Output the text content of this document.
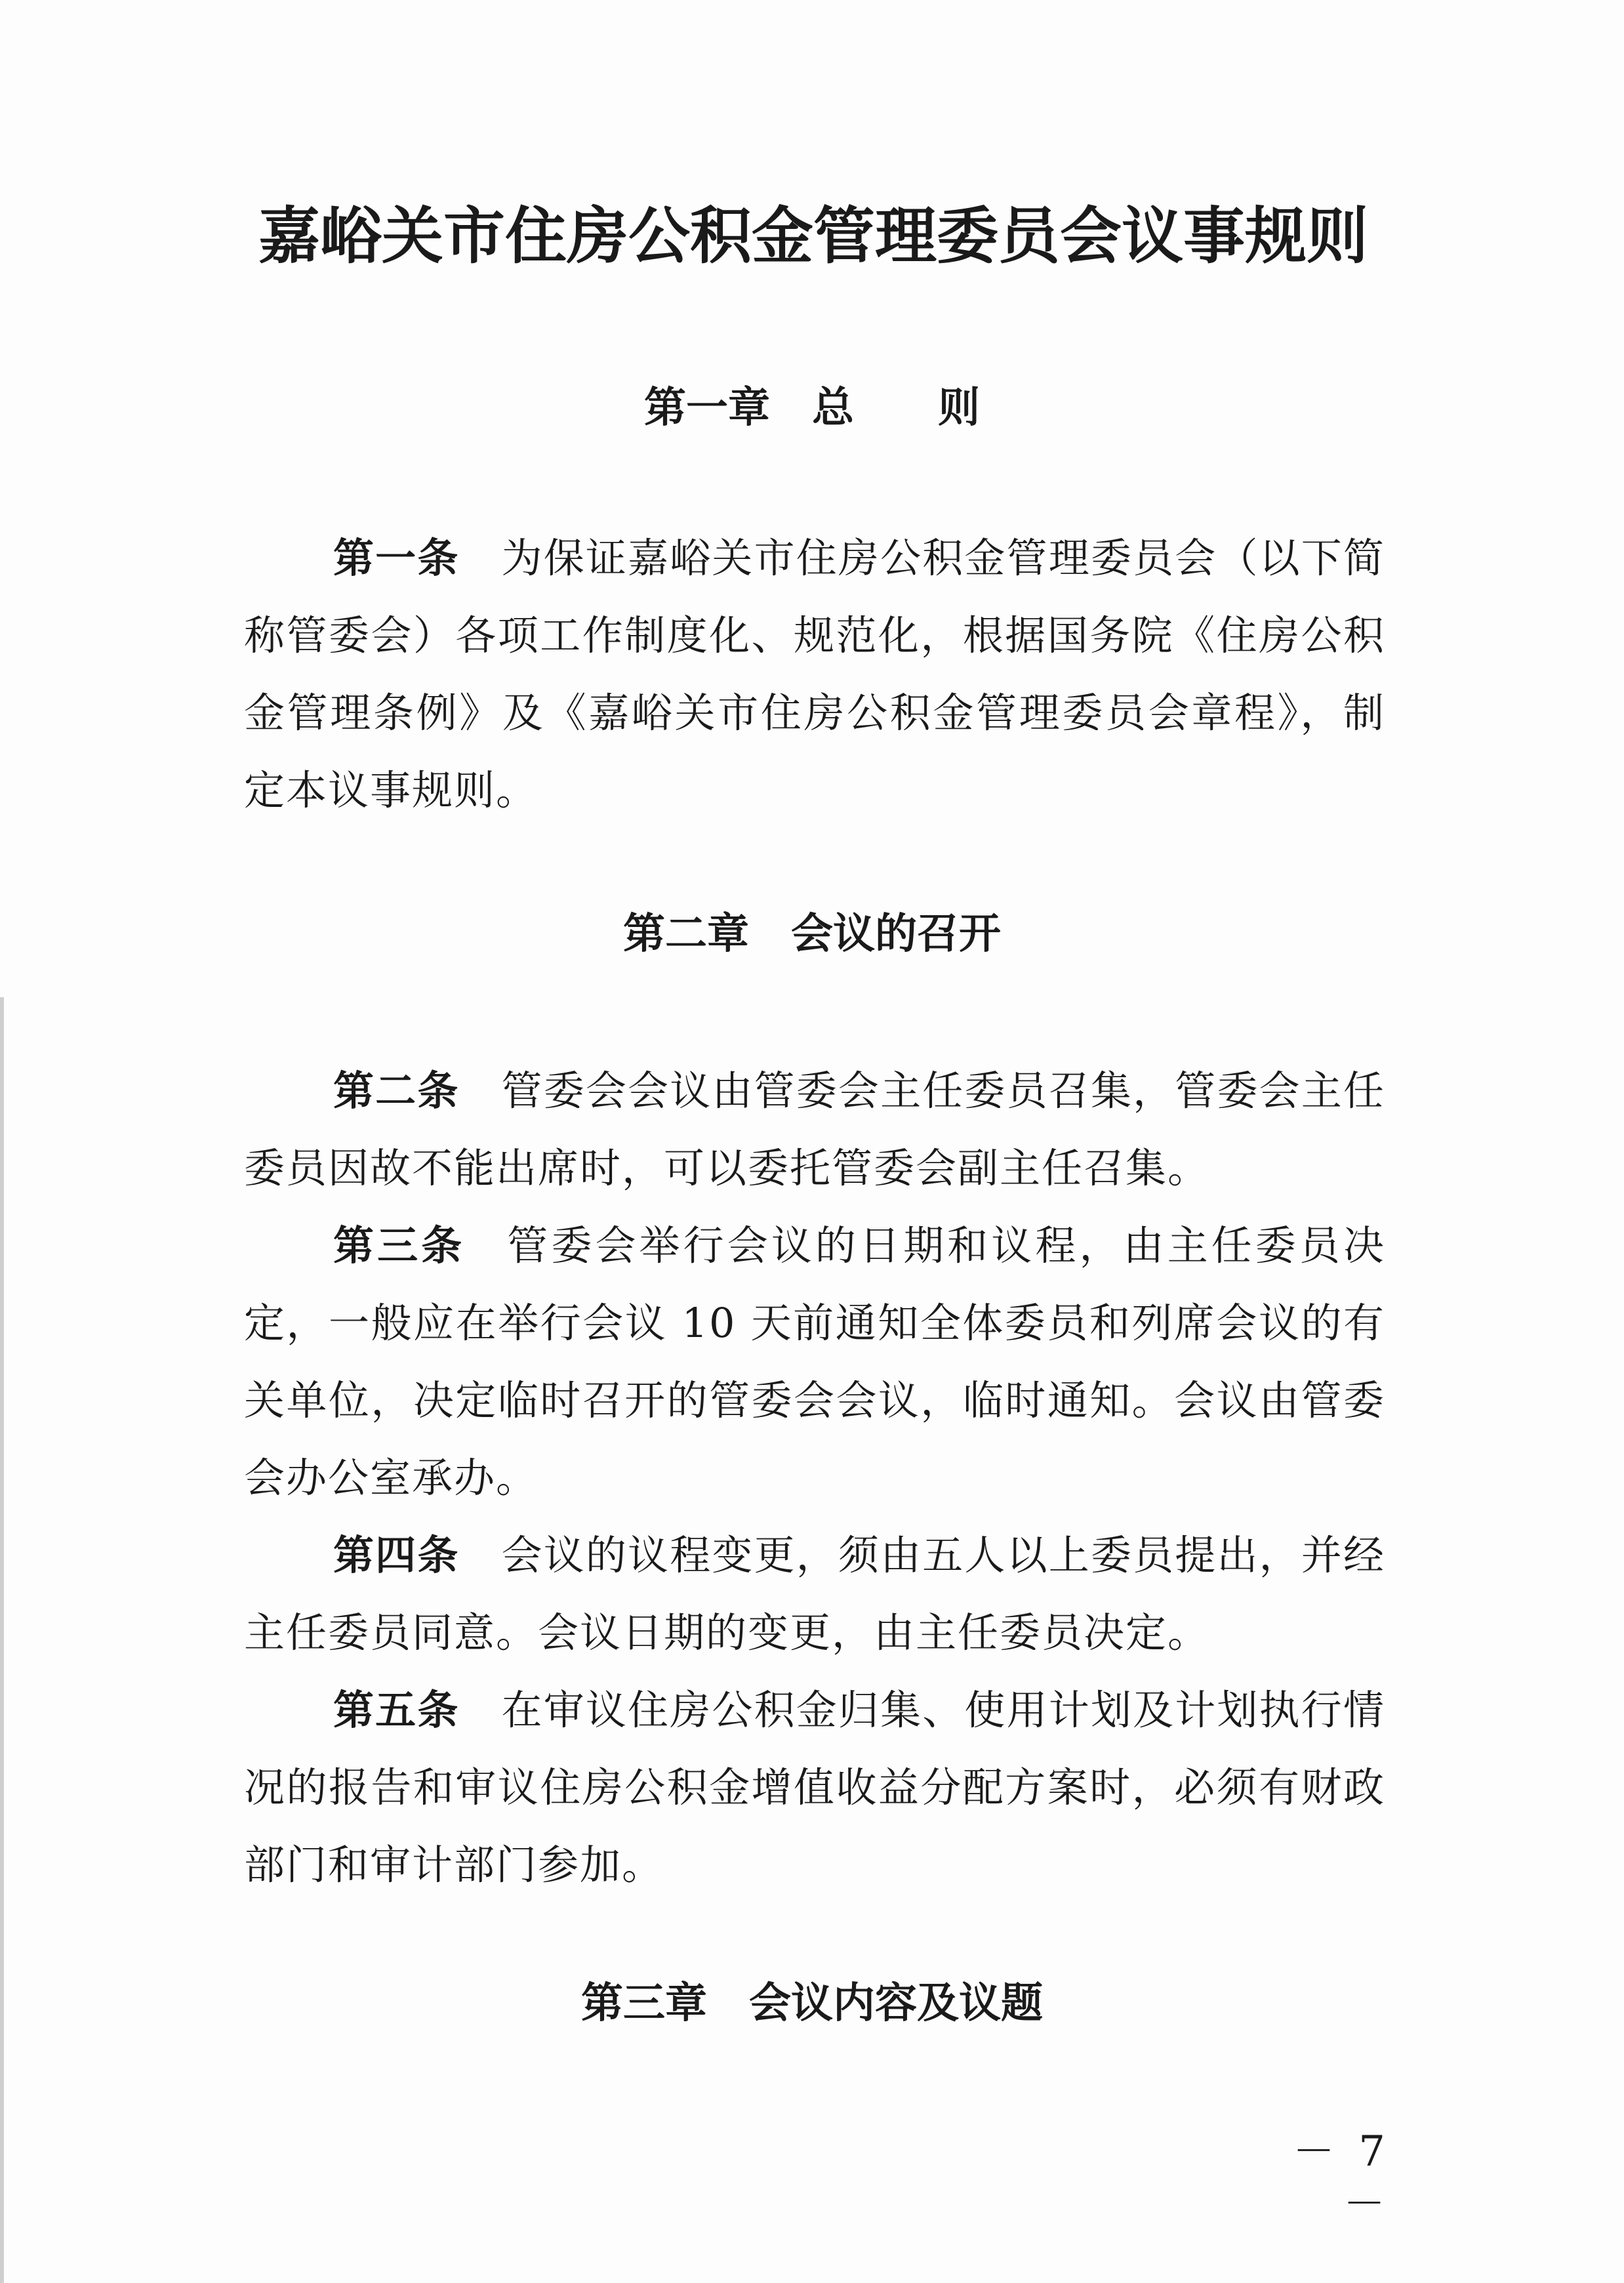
嘉峪关市住房公积金管理委员会议事规则
第一章　 总　　则
第一条 为保证嘉峪关市住房公积金管理委员会（以下简称管委会）各项工作制度化、规范化，根据国务院《住房公积金管理条例》及《嘉峪关市住房公积金管理委员会章程》，制定本议事规则。
第二章　 会议的召开
第二条 管委会会议由管委会主任委员召集，管委会主任委员因故不能出席时，可以委托管委会副主任召集。
第三条 管委会举行会议的日期和议程，由主任委员决定，一般应在举行会议 10 天前通知全体委员和列席会议的有关单位，决定临时召开的管委会会议，临时通知。会议由管委会办公室承办。
第四条 会议的议程变更，须由五人以上委员提出，并经主任委员同意。会议日期的变更，由主任委员决定。
第五条 在审议住房公积金归集、使用计划及计划执行情况的报告和审议住房公积金增值收益分配方案时，必须有财政部门和审计部门参加。
第三章　 会议内容及议题
－ 7 －
